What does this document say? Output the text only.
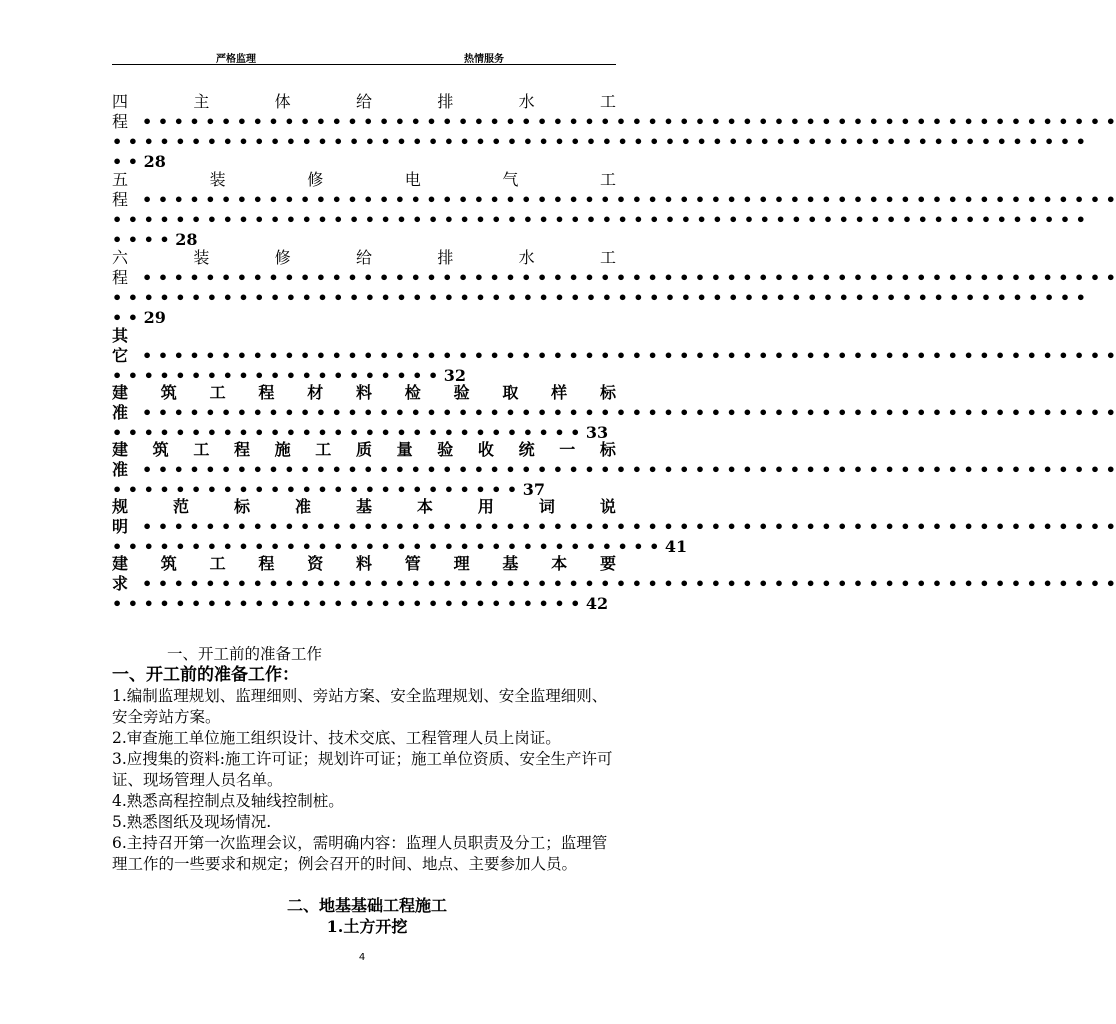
严格监理	热情服务
四	主	体	给	排	水	工
程 • • • • • • • • • • • • • • • • • • • • • • • • • • • • • • • • • • • • • • • • • • • • • • • • • • • • • • • • • • • • • •
• • • • • • • • • • • • • • • • • • • • • • • • • • • • • • • • • • • • • • • • • • • • • • • • • • • • • • • • • • • • • •
• • 28
五	装	修	电	气	工
程 • • • • • • • • • • • • • • • • • • • • • • • • • • • • • • • • • • • • • • • • • • • • • • • • • • • • • • • • • • • • • •
• • • • • • • • • • • • • • • • • • • • • • • • • • • • • • • • • • • • • • • • • • • • • • • • • • • • • • • • • • • • • •
• • • • 28
六	装	修	给	排	水	工
程 • • • • • • • • • • • • • • • • • • • • • • • • • • • • • • • • • • • • • • • • • • • • • • • • • • • • • • • • • • • • • •
• • • • • • • • • • • • • • • • • • • • • • • • • • • • • • • • • • • • • • • • • • • • • • • • • • • • • • • • • • • • • •
• • 29
其
它 • • • • • • • • • • • • • • • • • • • • • • • • • • • • • • • • • • • • • • • • • • • • • • • • • • • • • • • • • • • • • •
• • • • • • • • • • • • • • • • • • • • • 32
建 筑 工 程 材 料 检 验 取 样 标
准 • • • • • • • • • • • • • • • • • • • • • • • • • • • • • • • • • • • • • • • • • • • • • • • • • • • • • • • • • • • • • •
• • • • • • • • • • • • • • • • • • • • • • • • • • • • • • 33
建 筑 工 程 施 工 质 量 验 收 统 一 标
准 • • • • • • • • • • • • • • • • • • • • • • • • • • • • • • • • • • • • • • • • • • • • • • • • • • • • • • • • • • • • • •
• • • • • • • • • • • • • • • • • • • • • • • • • • 37
规	范	标	准	基	本	用	词	说
明 • • • • • • • • • • • • • • • • • • • • • • • • • • • • • • • • • • • • • • • • • • • • • • • • • • • • • • • • • • • • • •
• • • • • • • • • • • • • • • • • • • • • • • • • • • • • • • • • • • 41
建 筑 工 程 资 料 管 理 基 本 要
求 • • • • • • • • • • • • • • • • • • • • • • • • • • • • • • • • • • • • • • • • • • • • • • • • • • • • • • • • • • • • • •
• • • • • • • • • • • • • • • • • • • • • • • • • • • • • • 42
一、开工前的准备工作
一、开工前的准备工作：
1.编制监理规划、监理细则、旁站方案、安全监理规划、安全监理细则、安全旁站方案。
2.审查施工单位施工组织设计、技术交底、工程管理人员上岗证。
3.应搜集的资料:施工许可证；规划许可证；施工单位资质、安全生产许可证、现场管理人员名单。
4.熟悉高程控制点及轴线控制桩。
5.熟悉图纸及现场情况.
6.主持召开第一次监理会议，需明确内容：监理人员职责及分工；监理管理工作的一些要求和规定；例会召开的时间、地点、主要参加人员。
二、地基基础工程施工
1.土方开挖
4
